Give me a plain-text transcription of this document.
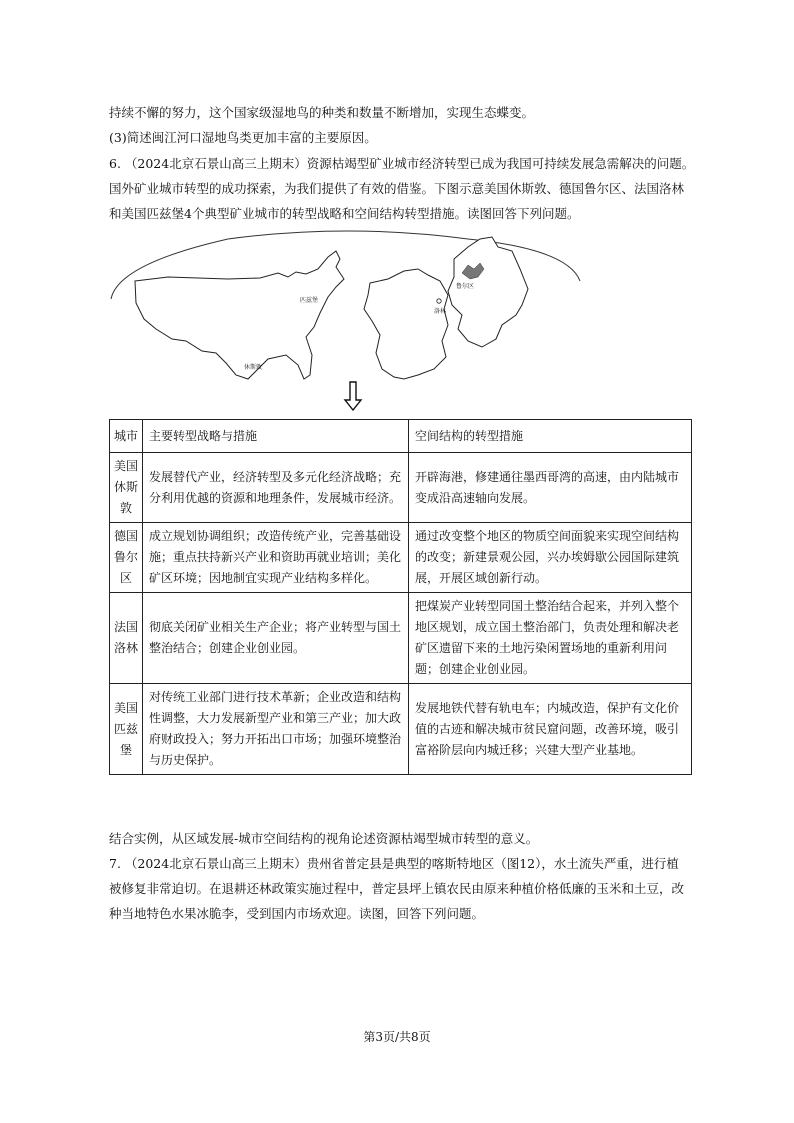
持续不懈的努力，这个国家级湿地鸟的种类和数量不断增加，实现生态蝶变。
(3)简述闽江河口湿地鸟类更加丰富的主要原因。
6. （2024北京石景山高三上期末）资源枯竭型矿业城市经济转型已成为我国可持续发展急需解决的问题。
国外矿业城市转型的成功探索，为我们提供了有效的借鉴。下图示意美国休斯敦、德国鲁尔区、法国洛林
和美国匹兹堡4个典型矿业城市的转型战略和空间结构转型措施。读图回答下列问题。
匹兹堡
休斯敦
鲁尔区
洛林
城市	主要转型战略与措施	空间结构的转型措施
美国休斯敦	发展替代产业，经济转型及多元化经济战略；充分利用优越的资源和地理条件，发展城市经济。	开辟海港，修建通往墨西哥湾的高速，由内陆城市变成沿高速轴向发展。
德国鲁尔区	成立规划协调组织；改造传统产业，完善基础设施；重点扶持新兴产业和资助再就业培训；美化矿区环境；因地制宜实现产业结构多样化。	通过改变整个地区的物质空间面貌来实现空间结构的改变；新建景观公园，兴办埃姆歇公园国际建筑展，开展区域创新行动。
法国洛林	彻底关闭矿业相关生产企业；将产业转型与国土整治结合；创建企业创业园。	把煤炭产业转型同国土整治结合起来，并列入整个地区规划，成立国土整治部门，负责处理和解决老矿区遗留下来的土地污染闲置场地的重新利用问题；创建企业创业园。
美国匹兹堡	对传统工业部门进行技术革新；企业改造和结构性调整，大力发展新型产业和第三产业；加大政府财政投入；努力开拓出口市场；加强环境整治与历史保护。	发展地铁代替有轨电车；内城改造，保护有文化价值的古迹和解决城市贫民窟问题，改善环境，吸引富裕阶层向内城迁移；兴建大型产业基地。
结合实例，从区域发展-城市空间结构的视角论述资源枯竭型城市转型的意义。
7. （2024北京石景山高三上期末）贵州省普定县是典型的喀斯特地区（图12），水土流失严重，进行植
被修复非常迫切。在退耕还林政策实施过程中，普定县坪上镇农民由原来种植价格低廉的玉米和土豆，改
种当地特色水果冰脆李，受到国内市场欢迎。读图，回答下列问题。
第3页/共8页
